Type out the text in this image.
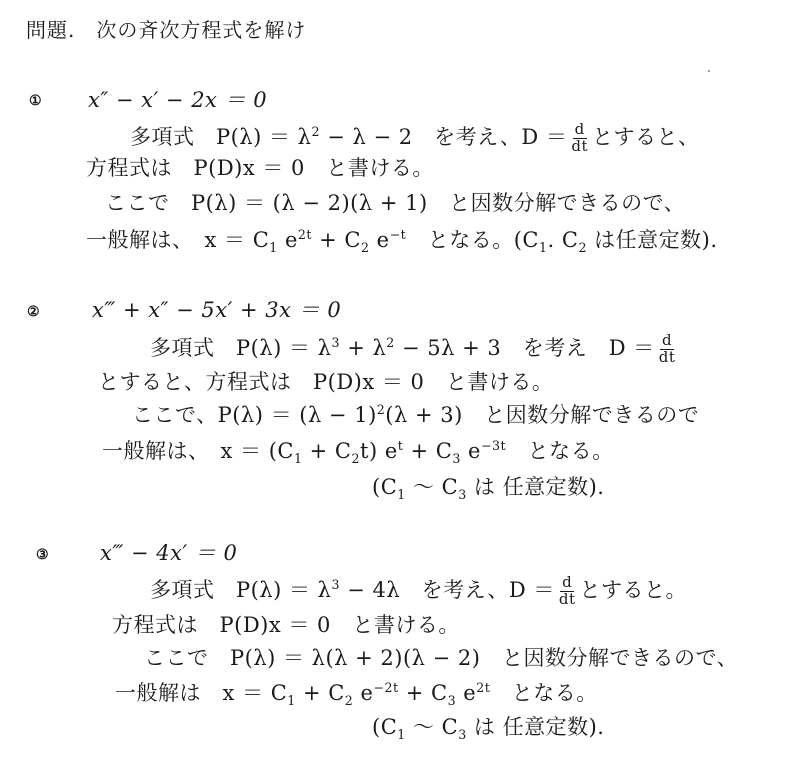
問題.　次の斉次方程式を解け
① x″ − x′ − 2x ＝ 0
多項式　$P(\lambda) = \lambda^2 - \lambda - 2$　を考え、$D = \frac{d}{dt}$ とすると、
方程式は　P(D)x ＝ 0　と書ける。
ここで　P(λ) ＝ (λ − 2)(λ + 1)　と因数分解できるので、
一般解は、　$x = C_1$ $e^{2t} + C_2$ $e^{-t}$　となる。($C_1$. $C_2$ は任意定数).
② x‴ + x″ − 5x′ + 3x ＝ 0
多項式　$P(\lambda) = \lambda^3 + \lambda^2 - 5\lambda + 3$　を考え　$D = \frac{d}{dt}$
とすると、方程式は　P(D)x ＝ 0　と書ける。
ここで、$P(\lambda) = (\lambda - 1)^2(\lambda + 3)$　と因数分解できるので
一般解は、　$x = (C_1 + C_2t) e^t + C_3$ $e^{-3t}$　となる。
($C_1$ 〜 $C_3$ は 任意定数).
③ x‴ − 4x′ ＝ 0
多項式　$P(\lambda) = \lambda^3 - 4\lambda$　を考え、$D = \frac{d}{dt}$ とすると。
方程式は　P(D)x ＝ 0　と書ける。
ここで　P(λ) ＝ λ(λ + 2)(λ − 2)　と因数分解できるので、
一般解は　$x = C_1 + C_2$ $e^{-2t} + C_3$ $e^{2t}$　となる。
($C_1$ 〜 $C_3$ は 任意定数).
